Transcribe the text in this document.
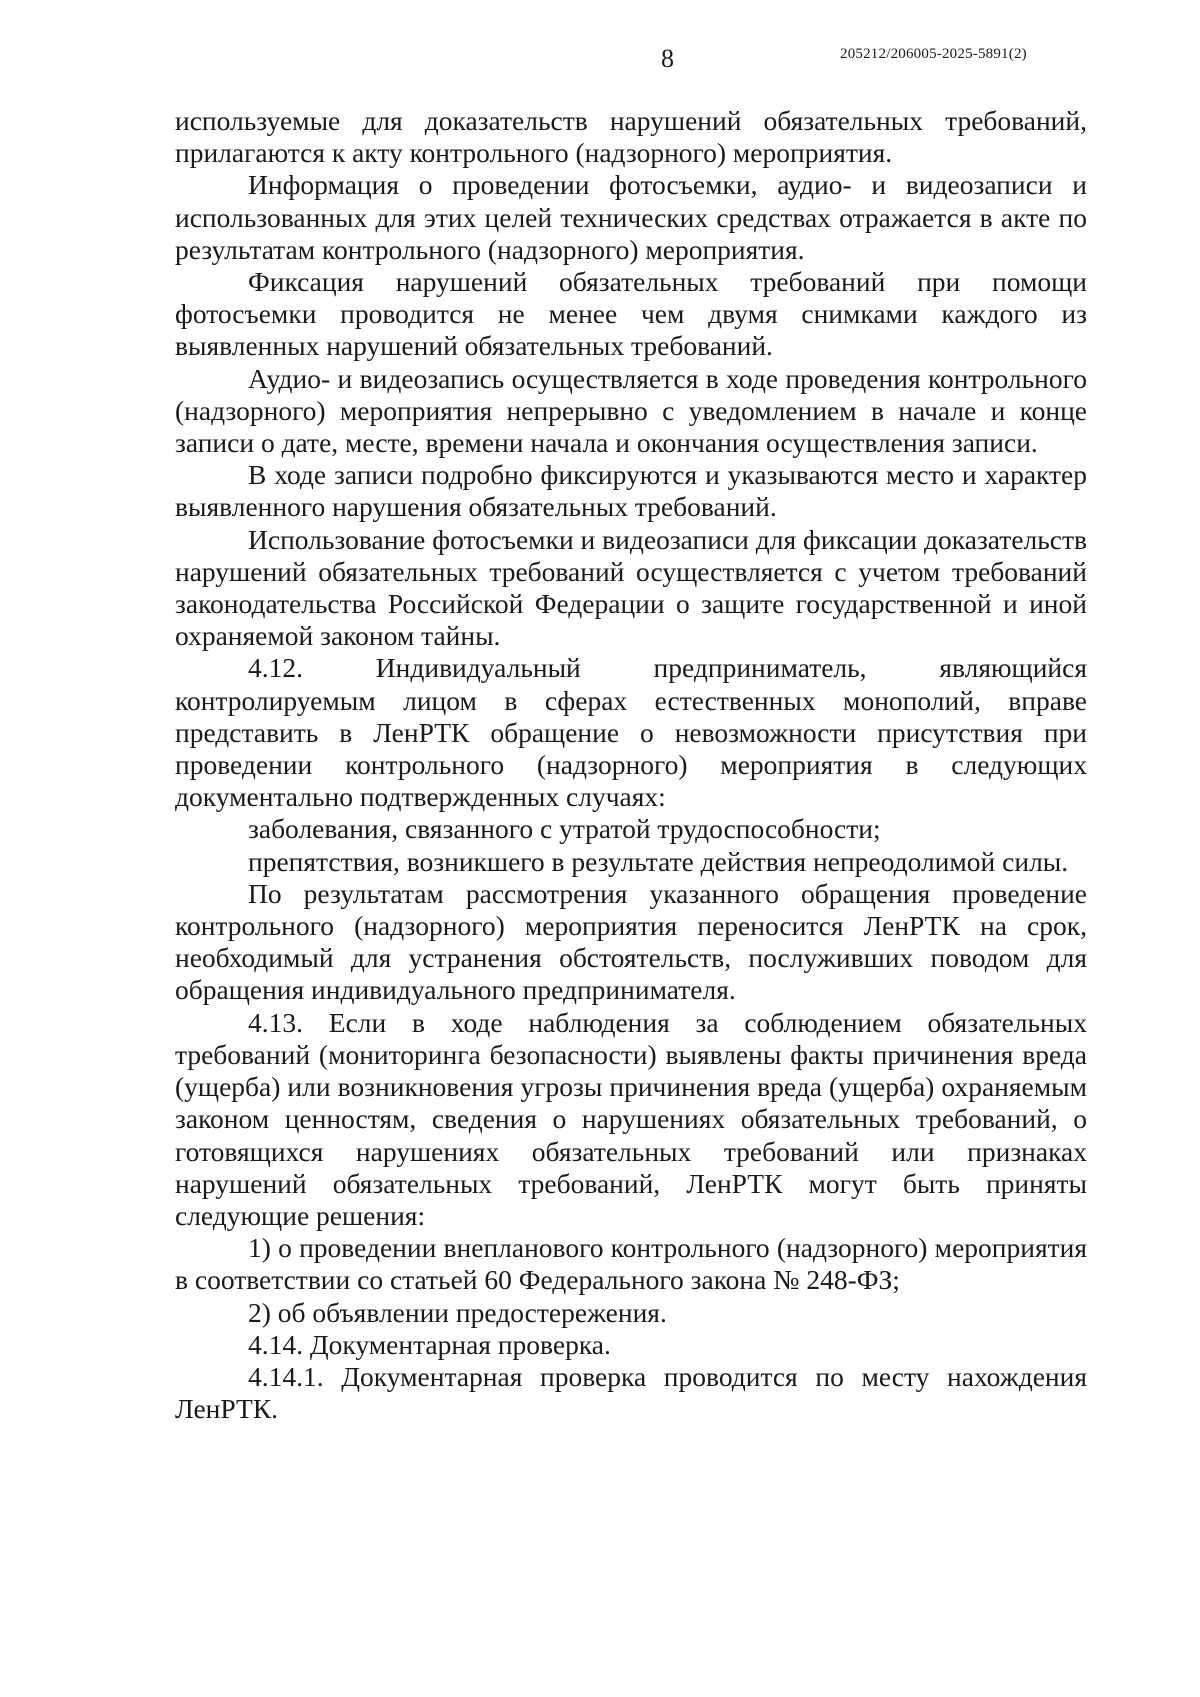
8	205212/206005-2025-5891(2)

используемые для доказательств нарушений обязательных требований, прилагаются к акту контрольного (надзорного) мероприятия.

Информация о проведении фотосъемки, аудио- и видеозаписи и использованных для этих целей технических средствах отражается в акте по результатам контрольного (надзорного) мероприятия.

Фиксация нарушений обязательных требований при помощи фотосъемки проводится не менее чем двумя снимками каждого из выявленных нарушений обязательных требований.

Аудио- и видеозапись осуществляется в ходе проведения контрольного (надзорного) мероприятия непрерывно с уведомлением в начале и конце записи о дате, месте, времени начала и окончания осуществления записи.

В ходе записи подробно фиксируются и указываются место и характер выявленного нарушения обязательных требований.

Использование фотосъемки и видеозаписи для фиксации доказательств нарушений обязательных требований осуществляется с учетом требований законодательства Российской Федерации о защите государственной и иной охраняемой законом тайны.

4.12. Индивидуальный предприниматель, являющийся контролируемым лицом в сферах естественных монополий, вправе представить в ЛенРТК обращение о невозможности присутствия при проведении контрольного (надзорного) мероприятия в следующих документально подтвержденных случаях:

заболевания, связанного с утратой трудоспособности;

препятствия, возникшего в результате действия непреодолимой силы.

По результатам рассмотрения указанного обращения проведение контрольного (надзорного) мероприятия переносится ЛенРТК на срок, необходимый для устранения обстоятельств, послуживших поводом для обращения индивидуального предпринимателя.

4.13. Если в ходе наблюдения за соблюдением обязательных требований (мониторинга безопасности) выявлены факты причинения вреда (ущерба) или возникновения угрозы причинения вреда (ущерба) охраняемым законом ценностям, сведения о нарушениях обязательных требований, о готовящихся нарушениях обязательных требований или признаках нарушений обязательных требований, ЛенРТК могут быть приняты следующие решения:

1) о проведении внепланового контрольного (надзорного) мероприятия в соответствии со статьей 60 Федерального закона № 248-ФЗ;

2) об объявлении предостережения.

4.14. Документарная проверка.

4.14.1. Документарная проверка проводится по месту нахождения ЛенРТК.
